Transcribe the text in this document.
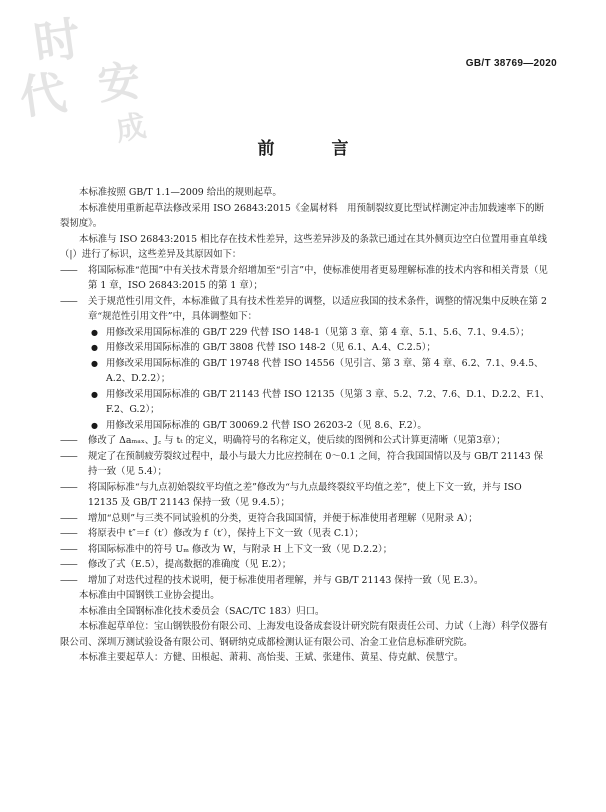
时
代 安
成
GB/T 38769—2020
前　言

本标准按照 GB/T 1.1—2009 给出的规则起草。

本标准使用重新起草法修改采用 ISO 26843:2015《金属材料　用预制裂纹夏比型试样测定冲击加载速率下的断裂韧度》。

本标准与 ISO 26843:2015 相比存在技术性差异，这些差异涉及的条款已通过在其外侧页边空白位置用垂直单线（|）进行了标识，这些差异及其原因如下：

—— 将国际标准“范围”中有关技术背景介绍增加至“引言”中，使标准使用者更易理解标准的技术内容和相关背景（见第 1 章，ISO 26843:2015 的第 1 章）；

—— 关于规范性引用文件，本标准做了具有技术性差异的调整，以适应我国的技术条件，调整的情况集中反映在第 2 章“规范性引用文件”中，具体调整如下：

● 用修改采用国际标准的 GB/T 229 代替 ISO 148-1（见第 3 章、第 4 章、5.1、5.6、7.1、9.4.5）；

● 用修改采用国际标准的 GB/T 3808 代替 ISO 148-2（见 6.1、A.4、C.2.5）；

● 用修改采用国际标准的 GB/T 19748 代替 ISO 14556（见引言、第 3 章、第 4 章、6.2、7.1、9.4.5、A.2、D.2.2）；

● 用修改采用国际标准的 GB/T 21143 代替 ISO 12135（见第 3 章、5.2、7.2、7.6、D.1、D.2.2、F.1、F.2、G.2）；

● 用修改采用国际标准的 GB/T 30069.2 代替 ISO 26203-2（见 8.6、F.2）。

—— 修改了 Δaₘₐₓ、J꜀ 与 tₜ 的定义，明确符号的名称定义，使后续的图例和公式计算更清晰（见第3章）；

—— 规定了在预制疲劳裂纹过程中，最小与最大力比应控制在 0～0.1 之间，符合我国国情以及与 GB/T 21143 保持一致（见 5.4）；

—— 将国际标准“与九点初始裂纹平均值之差”修改为“与九点最终裂纹平均值之差”，使上下文一致，并与 ISO 12135 及 GB/T 21143 保持一致（见 9.4.5）；

—— 增加“总则”与三类不同试验机的分类，更符合我国国情，并便于标准使用者理解（见附录 A）；

—— 将原表中 t″＝f（t′）修改为 f（t′），保持上下文一致（见表 C.1）；

—— 将国际标准中的符号 Uₘ 修改为 W，与附录 H 上下文一致（见 D.2.2）；

—— 修改了式（E.5），提高数据的准确度（见 E.2）；

—— 增加了对迭代过程的技术说明，便于标准使用者理解，并与 GB/T 21143 保持一致（见 E.3）。

本标准由中国钢铁工业协会提出。

本标准由全国钢标准化技术委员会（SAC/TC 183）归口。

本标准起草单位：宝山钢铁股份有限公司、上海发电设备成套设计研究院有限责任公司、力试（上海）科学仪器有限公司、深圳万测试验设备有限公司、钢研纳克成都检测认证有限公司、冶金工业信息标准研究院。

本标准主要起草人：方健、田根起、萧莉、高怡斐、王斌、张建伟、黄星、侍克献、侯慧宁。
